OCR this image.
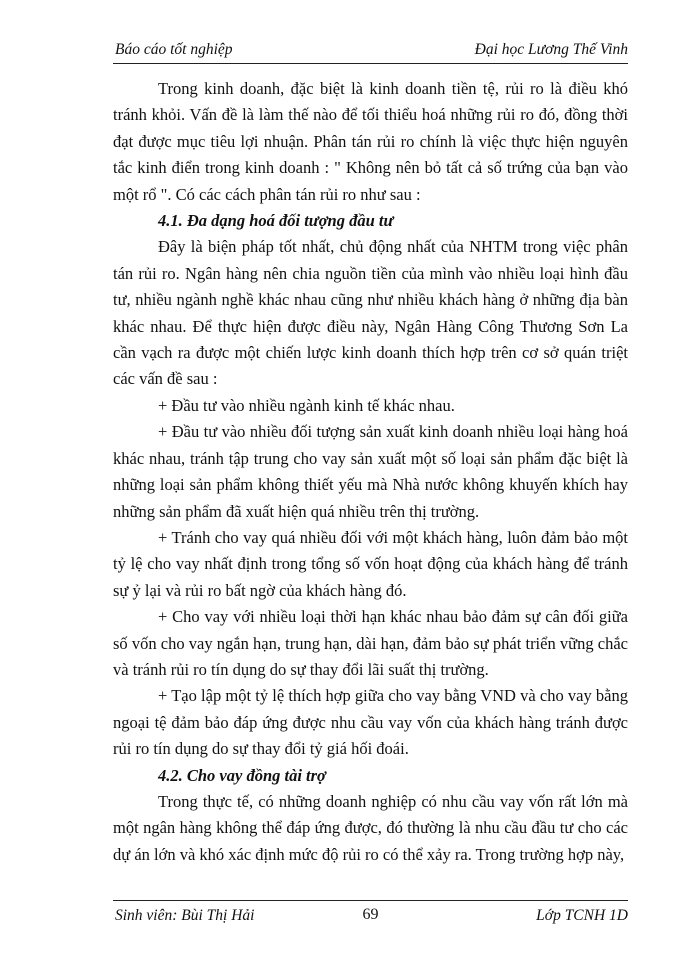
Báo cáo tốt nghiệp	Đại học Lương Thế Vinh

Trong kinh doanh, đặc biệt là kinh doanh tiền tệ, rủi ro là điều khó tránh khỏi. Vấn đề là làm thế nào để tối thiểu hoá những rủi ro đó, đồng thời đạt được mục tiêu lợi nhuận. Phân tán rủi ro chính là việc thực hiện nguyên tắc kinh điển trong kinh doanh : " Không nên bỏ tất cả số trứng của bạn vào một rổ ". Có các cách phân tán rủi ro như sau :

4.1. Đa dạng hoá đối tượng đầu tư

Đây là biện pháp tốt nhất, chủ động nhất của NHTM trong việc phân tán rủi ro. Ngân hàng nên chia nguồn tiền của mình vào nhiều loại hình đầu tư, nhiều ngành nghề khác nhau cũng như nhiều khách hàng ở những địa bàn khác nhau. Để thực hiện được điều này, Ngân Hàng Công Thương Sơn La cần vạch ra được một chiến lược kinh doanh thích hợp trên cơ sở quán triệt các vấn đề sau :

+ Đầu tư vào nhiều ngành kinh tế khác nhau.

+ Đầu tư vào nhiều đối tượng sản xuất kinh doanh nhiều loại hàng hoá khác nhau, tránh tập trung cho vay sản xuất một số loại sản phẩm đặc biệt là những loại sản phẩm không thiết yếu mà Nhà nước không khuyến khích hay những sản phẩm đã xuất hiện quá nhiều trên thị trường.

+ Tránh cho vay quá nhiều đối với một khách hàng, luôn đảm bảo một tỷ lệ cho vay nhất định trong tổng số vốn hoạt động của khách hàng để tránh sự ỷ lại và rủi ro bất ngờ của khách hàng đó.

+ Cho vay với nhiều loại thời hạn khác nhau bảo đảm sự cân đối giữa số vốn cho vay ngắn hạn, trung hạn, dài hạn, đảm bảo sự phát triển vững chắc và tránh rủi ro tín dụng do sự thay đổi lãi suất thị trường.

+ Tạo lập một tỷ lệ thích hợp giữa cho vay bằng VND và cho vay bằng ngoại tệ đảm bảo đáp ứng được nhu cầu vay vốn của khách hàng tránh được rủi ro tín dụng do sự thay đổi tỷ giá hối đoái.

4.2. Cho vay đồng tài trợ

Trong thực tế, có những doanh nghiệp có nhu cầu vay vốn rất lớn mà một ngân hàng không thể đáp ứng được, đó thường là nhu cầu đầu tư cho các dự án lớn và khó xác định mức độ rủi ro có thể xảy ra. Trong trường hợp này,

Sinh viên: Bùi Thị Hải	69	Lớp TCNH 1D
